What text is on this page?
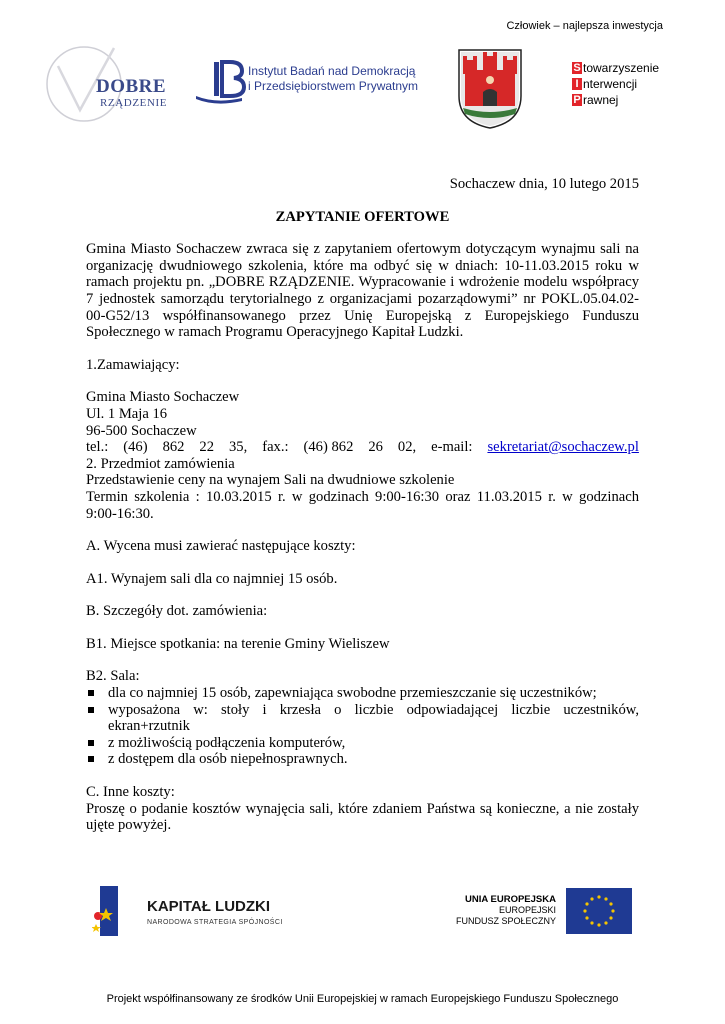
Człowiek – najlepsza inwestycja
DOBRE
RZĄDZENIE
Instytut Badań nad Demokracją
i Przedsiębiorstwem Prywatnym
S towarzyszenie
I nterwencji
P rawnej

Sochaczew dnia, 10 lutego 2015

ZAPYTANIE OFERTOWE

Gmina Miasto Sochaczew zwraca się z zapytaniem ofertowym dotyczącym wynajmu sali na organizację dwudniowego szkolenia, które ma odbyć się w dniach: 10-11.03.2015 roku w ramach projektu pn. „DOBRE RZĄDZENIE. Wypracowanie i wdrożenie modelu współpracy 7 jednostek samorządu terytorialnego z organizacjami pozarządowymi” nr POKL.05.04.02-00-G52/13 współfinansowanego przez Unię Europejską z Europejskiego Funduszu Społecznego w ramach Programu Operacyjnego Kapitał Ludzki.

1.Zamawiający:

Gmina Miasto Sochaczew

Ul. 1 Maja 16

96-500 Sochaczew

tel.: (46) 862 22 35, fax.: (46) 862 26 02, e-mail: sekretariat@sochaczew.pl

2. Przedmiot zamówienia

Przedstawienie ceny na wynajem Sali na dwudniowe szkolenie

Termin szkolenia : 10.03.2015 r. w godzinach 9:00-16:30 oraz 11.03.2015 r. w godzinach 9:00-16:30.

A. Wycena musi zawierać następujące koszty:

A1. Wynajem sali dla co najmniej 15 osób.

B. Szczegóły dot. zamówienia:

B1. Miejsce spotkania: na terenie Gminy Wieliszew

B2. Sala:

dla co najmniej 15 osób, zapewniająca swobodne przemieszczanie się uczestników;
wyposażona w: stoły i krzesła o liczbie odpowiadającej liczbie uczestników, ekran+rzutnik
z możliwością podłączenia komputerów,
z dostępem dla osób niepełnosprawnych.

C. Inne koszty:

Proszę o podanie kosztów wynajęcia sali, które zdaniem Państwa są konieczne, a nie zostały ujęte powyżej.

KAPITAŁ LUDZKI
NARODOWA STRATEGIA SPÓJNOŚCI
UNIA EUROPEJSKA
EUROPEJSKI
FUNDUSZ SPOŁECZNY
Projekt współfinansowany ze środków Unii Europejskiej w ramach Europejskiego Funduszu Społecznego
